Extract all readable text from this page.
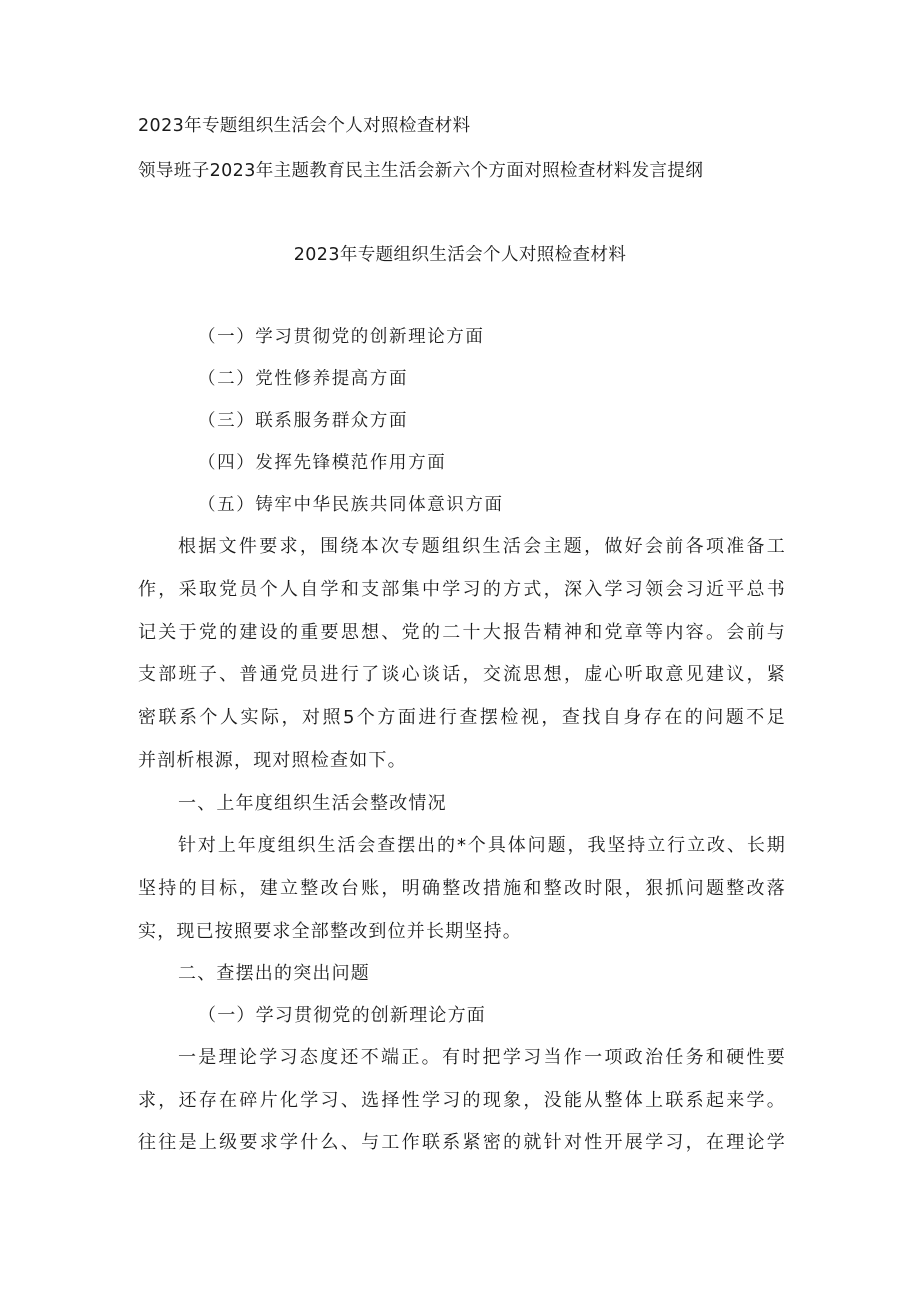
2023年专题组织生活会个人对照检查材料
领导班子2023年主题教育民主生活会新六个方面对照检查材料发言提纲
2023年专题组织生活会个人对照检查材料
（一）学习贯彻党的创新理论方面
（二）党性修养提高方面
（三）联系服务群众方面
（四）发挥先锋模范作用方面
（五）铸牢中华民族共同体意识方面
根据文件要求，围绕本次专题组织生活会主题，做好会前各项准备工
作，采取党员个人自学和支部集中学习的方式，深入学习领会习近平总书
记关于党的建设的重要思想、党的二十大报告精神和党章等内容。会前与
支部班子、普通党员进行了谈心谈话，交流思想，虚心听取意见建议，紧
密联系个人实际，对照5个方面进行查摆检视，查找自身存在的问题不足
并剖析根源，现对照检查如下。
一、上年度组织生活会整改情况
针对上年度组织生活会查摆出的*个具体问题，我坚持立行立改、长期
坚持的目标，建立整改台账，明确整改措施和整改时限，狠抓问题整改落
实，现已按照要求全部整改到位并长期坚持。
二、查摆出的突出问题
（一）学习贯彻党的创新理论方面
一是理论学习态度还不端正。有时把学习当作一项政治任务和硬性要
求，还存在碎片化学习、选择性学习的现象，没能从整体上联系起来学。
往往是上级要求学什么、与工作联系紧密的就针对性开展学习，在理论学
